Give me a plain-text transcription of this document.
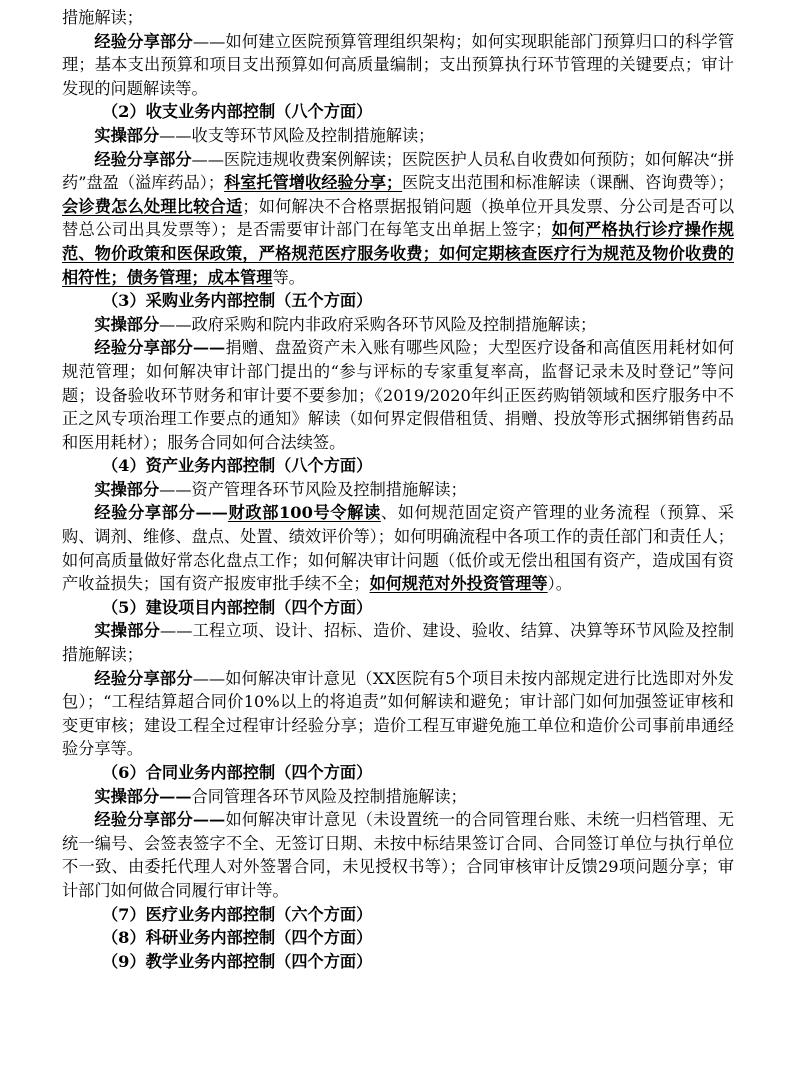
措施解读；

经验分享部分——如何建立医院预算管理组织架构；如何实现职能部门预算归口的科学管理；基本支出预算和项目支出预算如何高质量编制；支出预算执行环节管理的关键要点；审计发现的问题解读等。

（2）收支业务内部控制（八个方面）

实操部分——收支等环节风险及控制措施解读；

经验分享部分——医院违规收费案例解读；医院医护人员私自收费如何预防；如何解决“拼药”盘盈（溢库药品）；科室托管增收经验分享；医院支出范围和标准解读（课酬、咨询费等）；会诊费怎么处理比较合适；如何解决不合格票据报销问题（换单位开具发票、分公司是否可以替总公司出具发票等）；是否需要审计部门在每笔支出单据上签字；如何严格执行诊疗操作规范、物价政策和医保政策，严格规范医疗服务收费；如何定期核查医疗行为规范及物价收费的相符性；债务管理；成本管理等。

（3）采购业务内部控制（五个方面）

实操部分——政府采购和院内非政府采购各环节风险及控制措施解读；

经验分享部分——捐赠、盘盈资产未入账有哪些风险；大型医疗设备和高值医用耗材如何规范管理；如何解决审计部门提出的“参与评标的专家重复率高，监督记录未及时登记”等问题；设备验收环节财务和审计要不要参加；《2019/2020年纠正医药购销领域和医疗服务中不正之风专项治理工作要点的通知》解读（如何界定假借租赁、捐赠、投放等形式捆绑销售药品和医用耗材）；服务合同如何合法续签。

（4）资产业务内部控制（八个方面）

实操部分——资产管理各环节风险及控制措施解读；

经验分享部分——财政部100号令解读、如何规范固定资产管理的业务流程（预算、采购、调剂、维修、盘点、处置、绩效评价等）；如何明确流程中各项工作的责任部门和责任人；如何高质量做好常态化盘点工作；如何解决审计问题（低价或无偿出租国有资产，造成国有资产收益损失；国有资产报废审批手续不全；如何规范对外投资管理等）。

（5）建设项目内部控制（四个方面）

实操部分——工程立项、设计、招标、造价、建设、验收、结算、决算等环节风险及控制措施解读；

经验分享部分——如何解决审计意见（XX医院有5个项目未按内部规定进行比选即对外发包）；“工程结算超合同价10%以上的将追责”如何解读和避免；审计部门如何加强签证审核和变更审核；建设工程全过程审计经验分享；造价工程互审避免施工单位和造价公司事前串通经验分享等。

（6）合同业务内部控制（四个方面）

实操部分——合同管理各环节风险及控制措施解读；

经验分享部分——如何解决审计意见（未设置统一的合同管理台账、未统一归档管理、无统一编号、会签表签字不全、无签订日期、未按中标结果签订合同、合同签订单位与执行单位不一致、由委托代理人对外签署合同，未见授权书等）；合同审核审计反馈29项问题分享；审计部门如何做合同履行审计等。

（7）医疗业务内部控制（六个方面）

（8）科研业务内部控制（四个方面）

（9）教学业务内部控制（四个方面）
